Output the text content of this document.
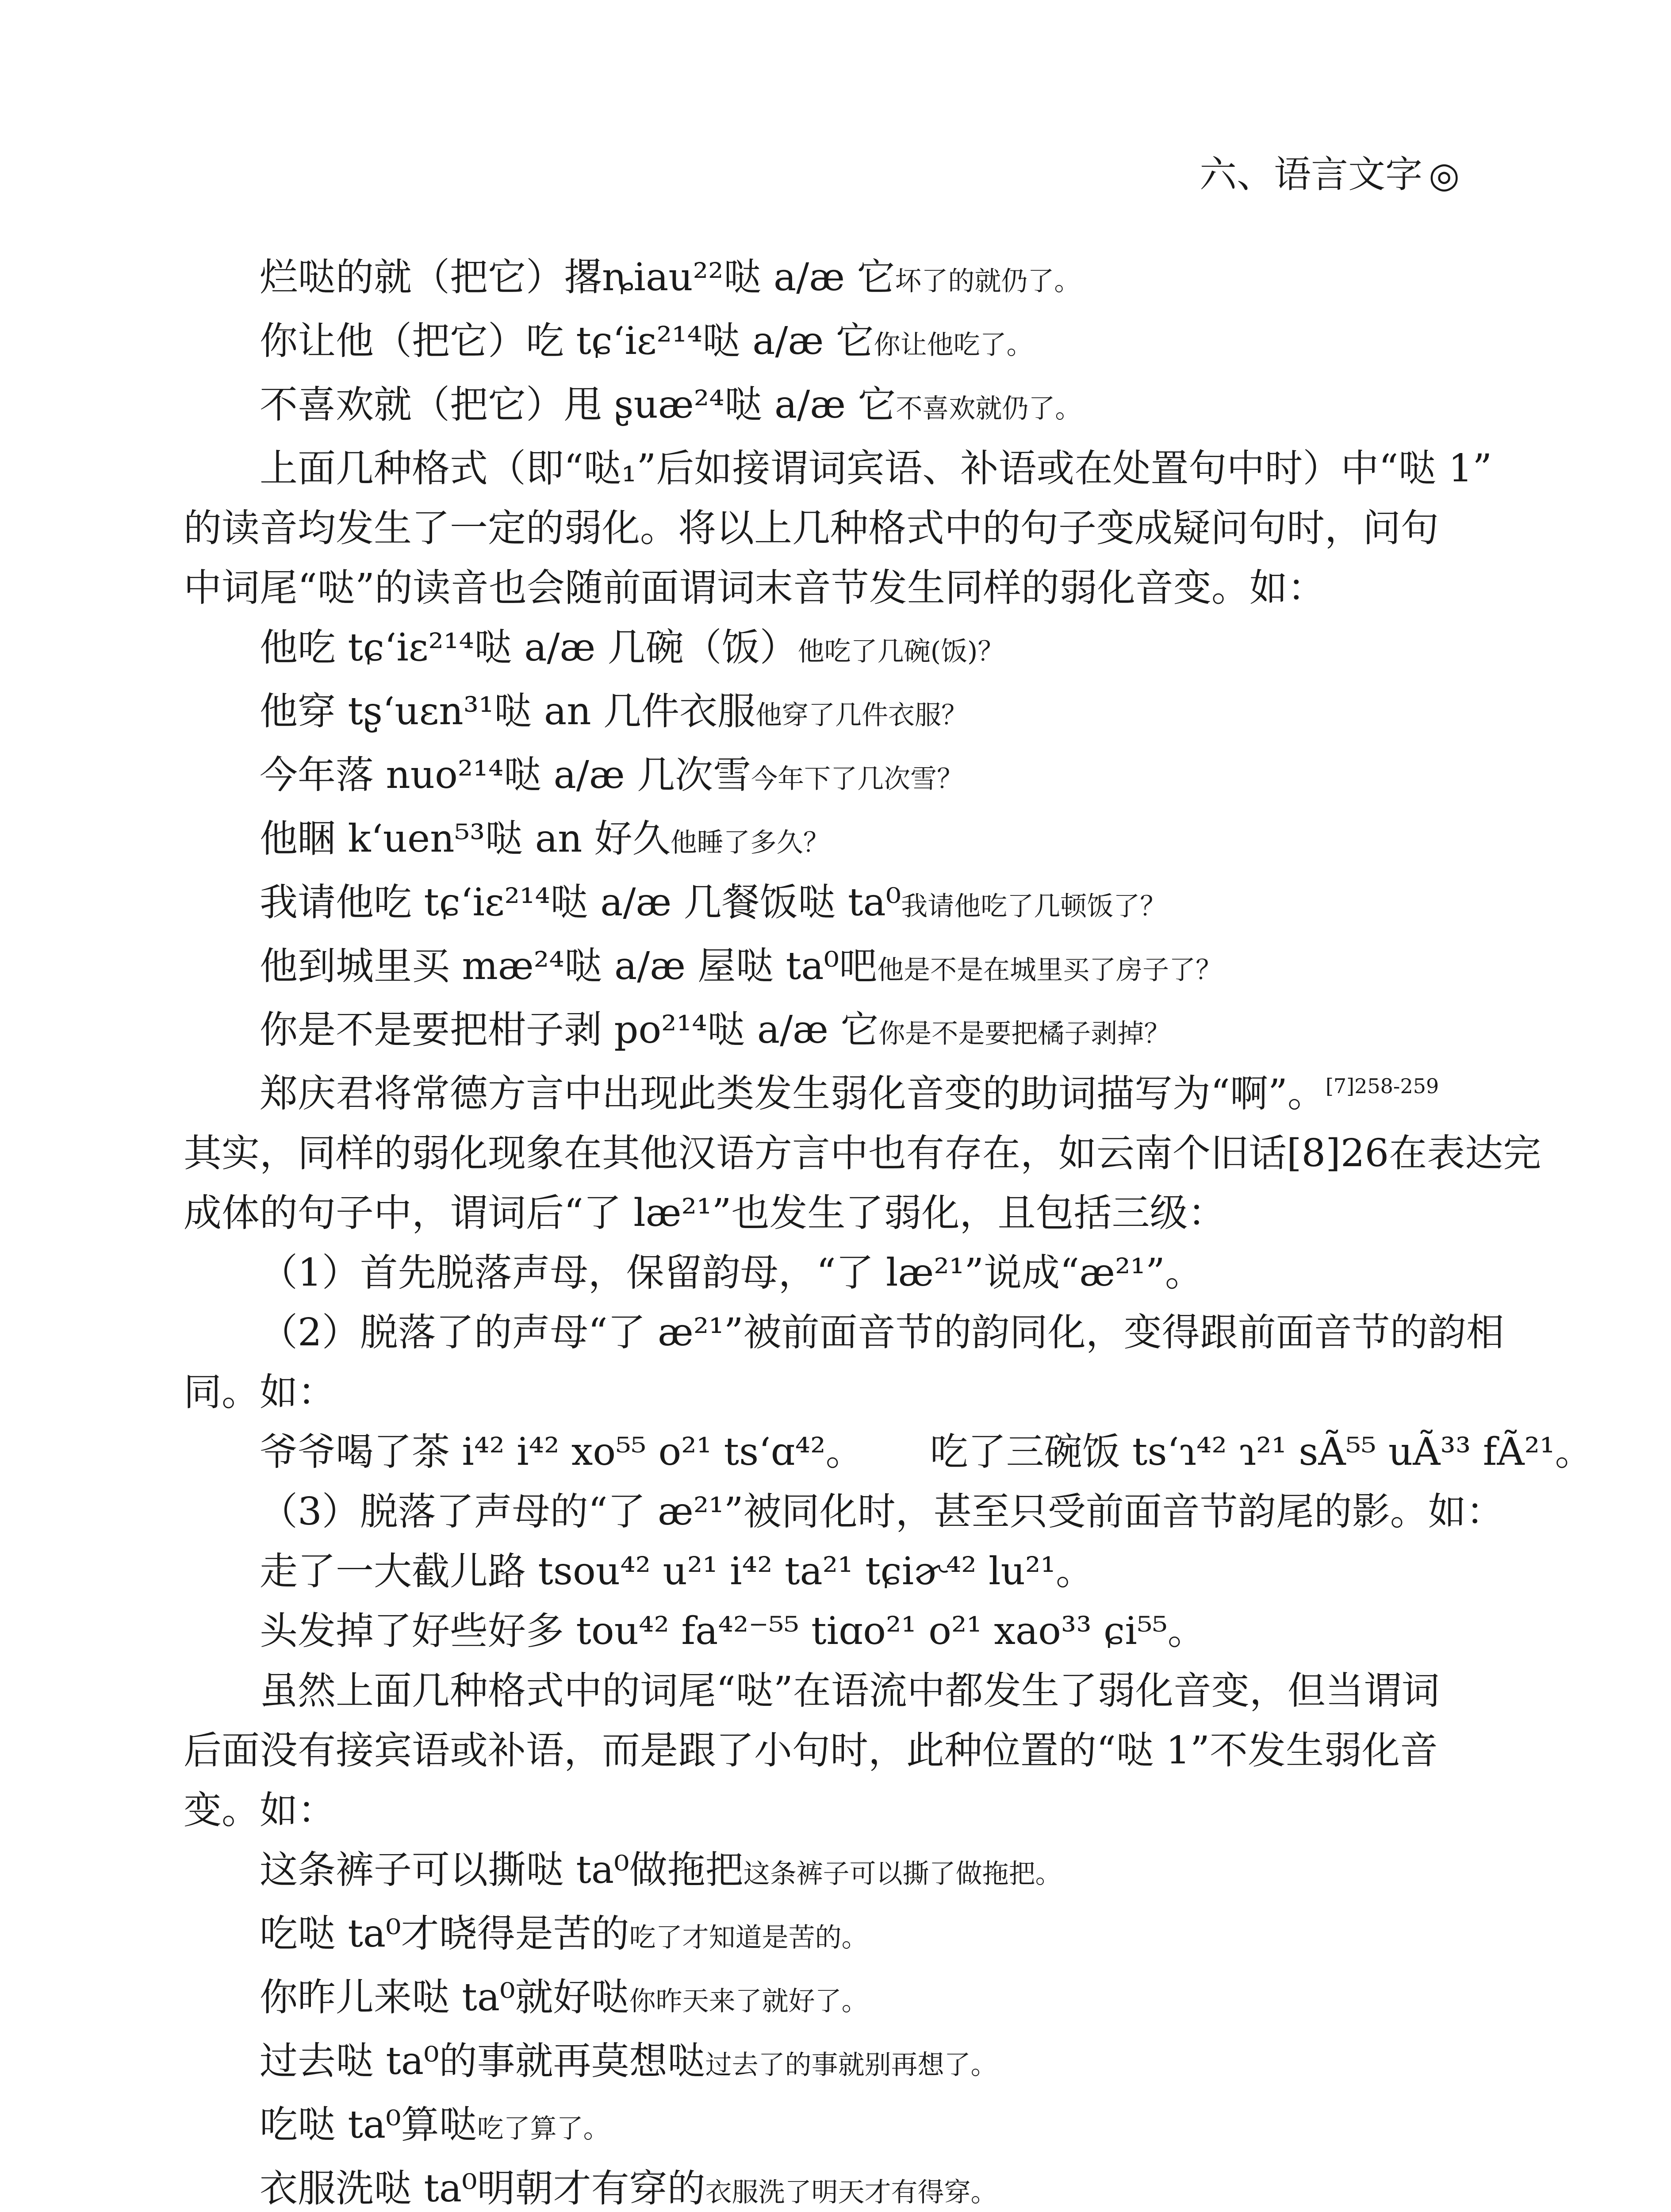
六、语言文字 ◎
烂哒的就（把它）撂ȵiau²²哒 a/æ 它坏了的就仍了。
你让他（把它）吃 tɕʻiɛ²¹⁴哒 a/æ 它你让他吃了。
不喜欢就（把它）甩 ʂuæ²⁴哒 a/æ 它不喜欢就仍了。
上面几种格式（即“哒₁”后如接谓词宾语、补语或在处置句中时）中“哒 1”
的读音均发生了一定的弱化。将以上几种格式中的句子变成疑问句时，问句
中词尾“哒”的读音也会随前面谓词末音节发生同样的弱化音变。如：
他吃 tɕʻiɛ²¹⁴哒 a/æ 几碗（饭）他吃了几碗(饭)？
他穿 tʂʻuɛn³¹哒 an 几件衣服他穿了几件衣服？
今年落 nuo²¹⁴哒 a/æ 几次雪今年下了几次雪？
他睏 kʻuen⁵³哒 an 好久他睡了多久？
我请他吃 tɕʻiɛ²¹⁴哒 a/æ 几餐饭哒 ta⁰我请他吃了几顿饭了？
他到城里买 mæ²⁴哒 a/æ 屋哒 ta⁰吧他是不是在城里买了房子了？
你是不是要把柑子剥 po²¹⁴哒 a/æ 它你是不是要把橘子剥掉？
郑庆君将常德方言中出现此类发生弱化音变的助词描写为“啊”。$^{[7]258-259}$
其实，同样的弱化现象在其他汉语方言中也有存在，如云南个旧话[8]26在表达完
成体的句子中，谓词后“了 læ²¹”也发生了弱化，且包括三级：
（1）首先脱落声母，保留韵母，“了 læ²¹”说成“æ²¹”。
（2）脱落了的声母“了 æ²¹”被前面音节的韵同化，变得跟前面音节的韵相
同。如：
爷爷喝了茶 i⁴² i⁴² xo⁵⁵ o²¹ tsʻɑ⁴²。 吃了三碗饭 tsʻɿ⁴² ɿ²¹ sÃ⁵⁵ uÃ³³ fÃ²¹。
（3）脱落了声母的“了 æ²¹”被同化时，甚至只受前面音节韵尾的影。如：
走了一大截儿路 tsou⁴² u²¹ i⁴² ta²¹ tɕiɚ⁴² lu²¹。
头发掉了好些好多 tou⁴² fa⁴²⁻⁵⁵ tiɑo²¹ o²¹ xao³³ ɕi⁵⁵。
虽然上面几种格式中的词尾“哒”在语流中都发生了弱化音变，但当谓词
后面没有接宾语或补语，而是跟了小句时，此种位置的“哒 1”不发生弱化音
变。如：
这条裤子可以撕哒 ta⁰做拖把这条裤子可以撕了做拖把。
吃哒 ta⁰才晓得是苦的吃了才知道是苦的。
你昨儿来哒 ta⁰就好哒你昨天来了就好了。
过去哒 ta⁰的事就再莫想哒过去了的事就别再想了。
吃哒 ta⁰算哒吃了算了。
衣服洗哒 ta⁰明朝才有穿的衣服洗了明天才有得穿。
